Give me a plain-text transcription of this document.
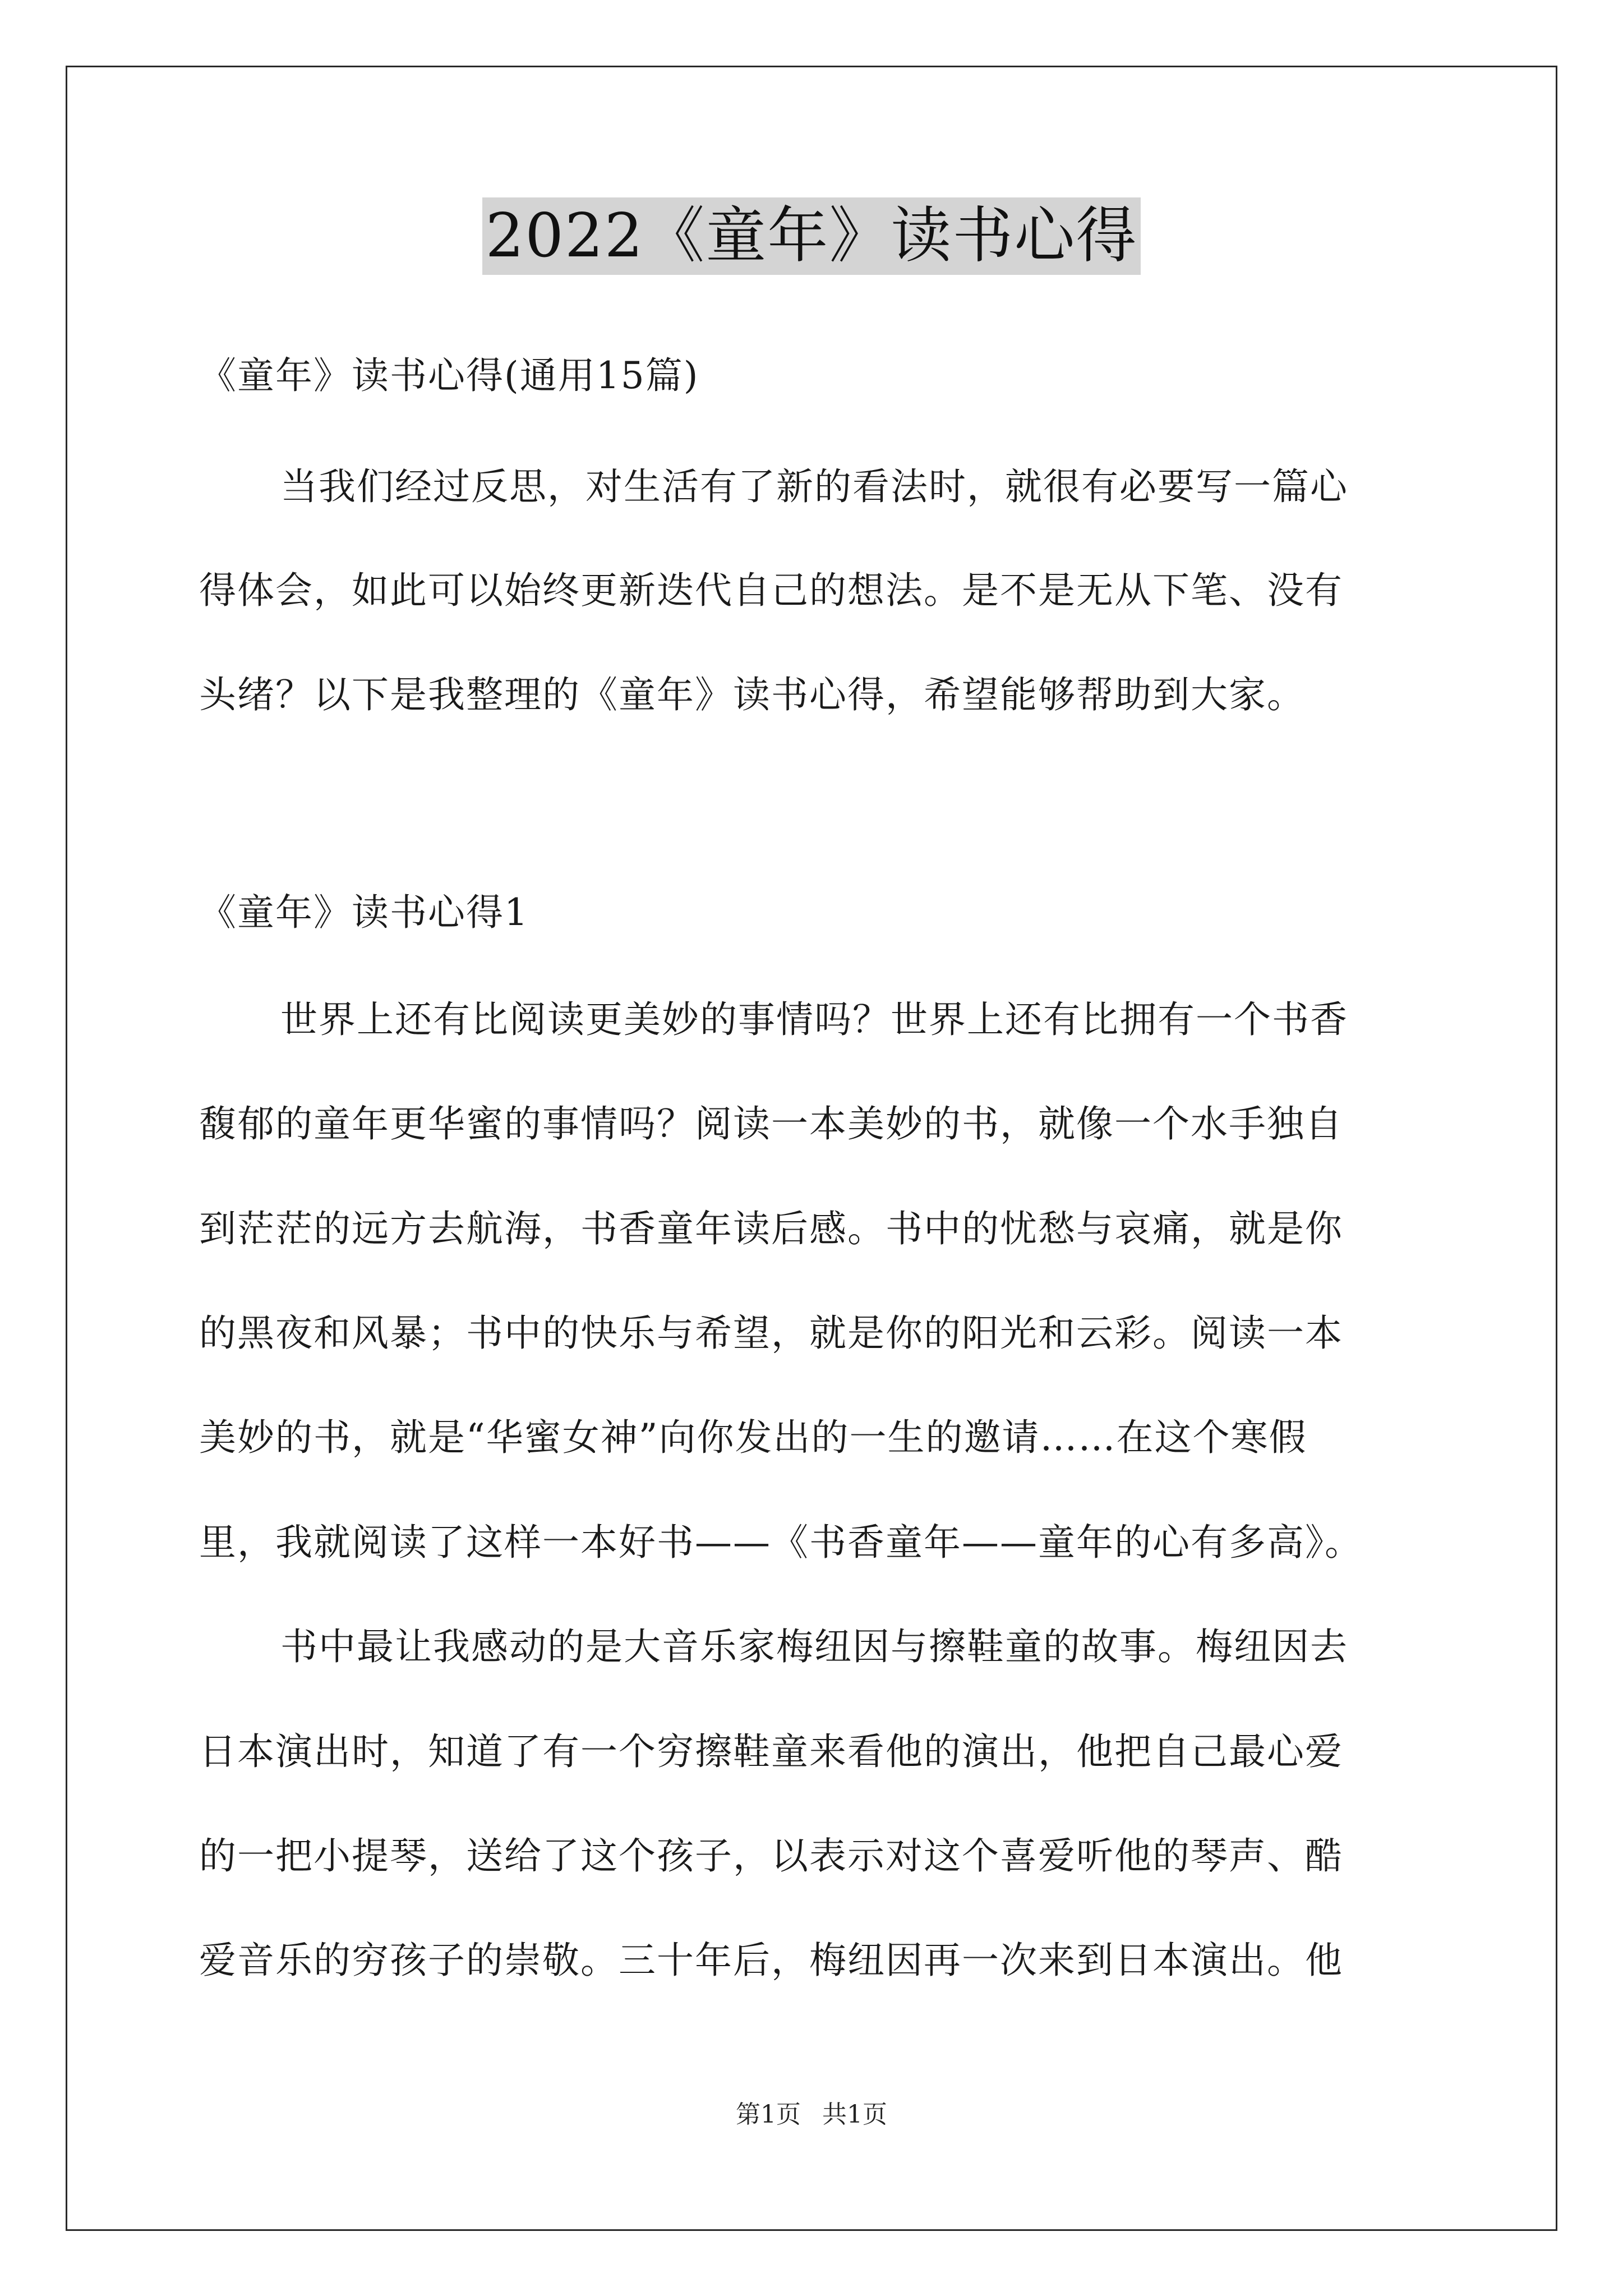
2022《童年》读书心得
《童年》读书心得(通用15篇)
当我们经过反思，对生活有了新的看法时，就很有必要写一篇心
得体会，如此可以始终更新迭代自己的想法。是不是无从下笔、没有
头绪？以下是我整理的《童年》读书心得，希望能够帮助到大家。
《童年》读书心得1
世界上还有比阅读更美妙的事情吗？世界上还有比拥有一个书香
馥郁的童年更华蜜的事情吗？阅读一本美妙的书，就像一个水手独自
到茫茫的远方去航海，书香童年读后感。书中的忧愁与哀痛，就是你
的黑夜和风暴；书中的快乐与希望，就是你的阳光和云彩。阅读一本
美妙的书，就是“华蜜女神”向你发出的一生的邀请……在这个寒假
里，我就阅读了这样一本好书——《书香童年——童年的心有多高》。
书中最让我感动的是大音乐家梅纽因与擦鞋童的故事。梅纽因去
日本演出时，知道了有一个穷擦鞋童来看他的演出，他把自己最心爱
的一把小提琴，送给了这个孩子，以表示对这个喜爱听他的琴声、酷
爱音乐的穷孩子的崇敬。三十年后，梅纽因再一次来到日本演出。他
第1页 共1页
